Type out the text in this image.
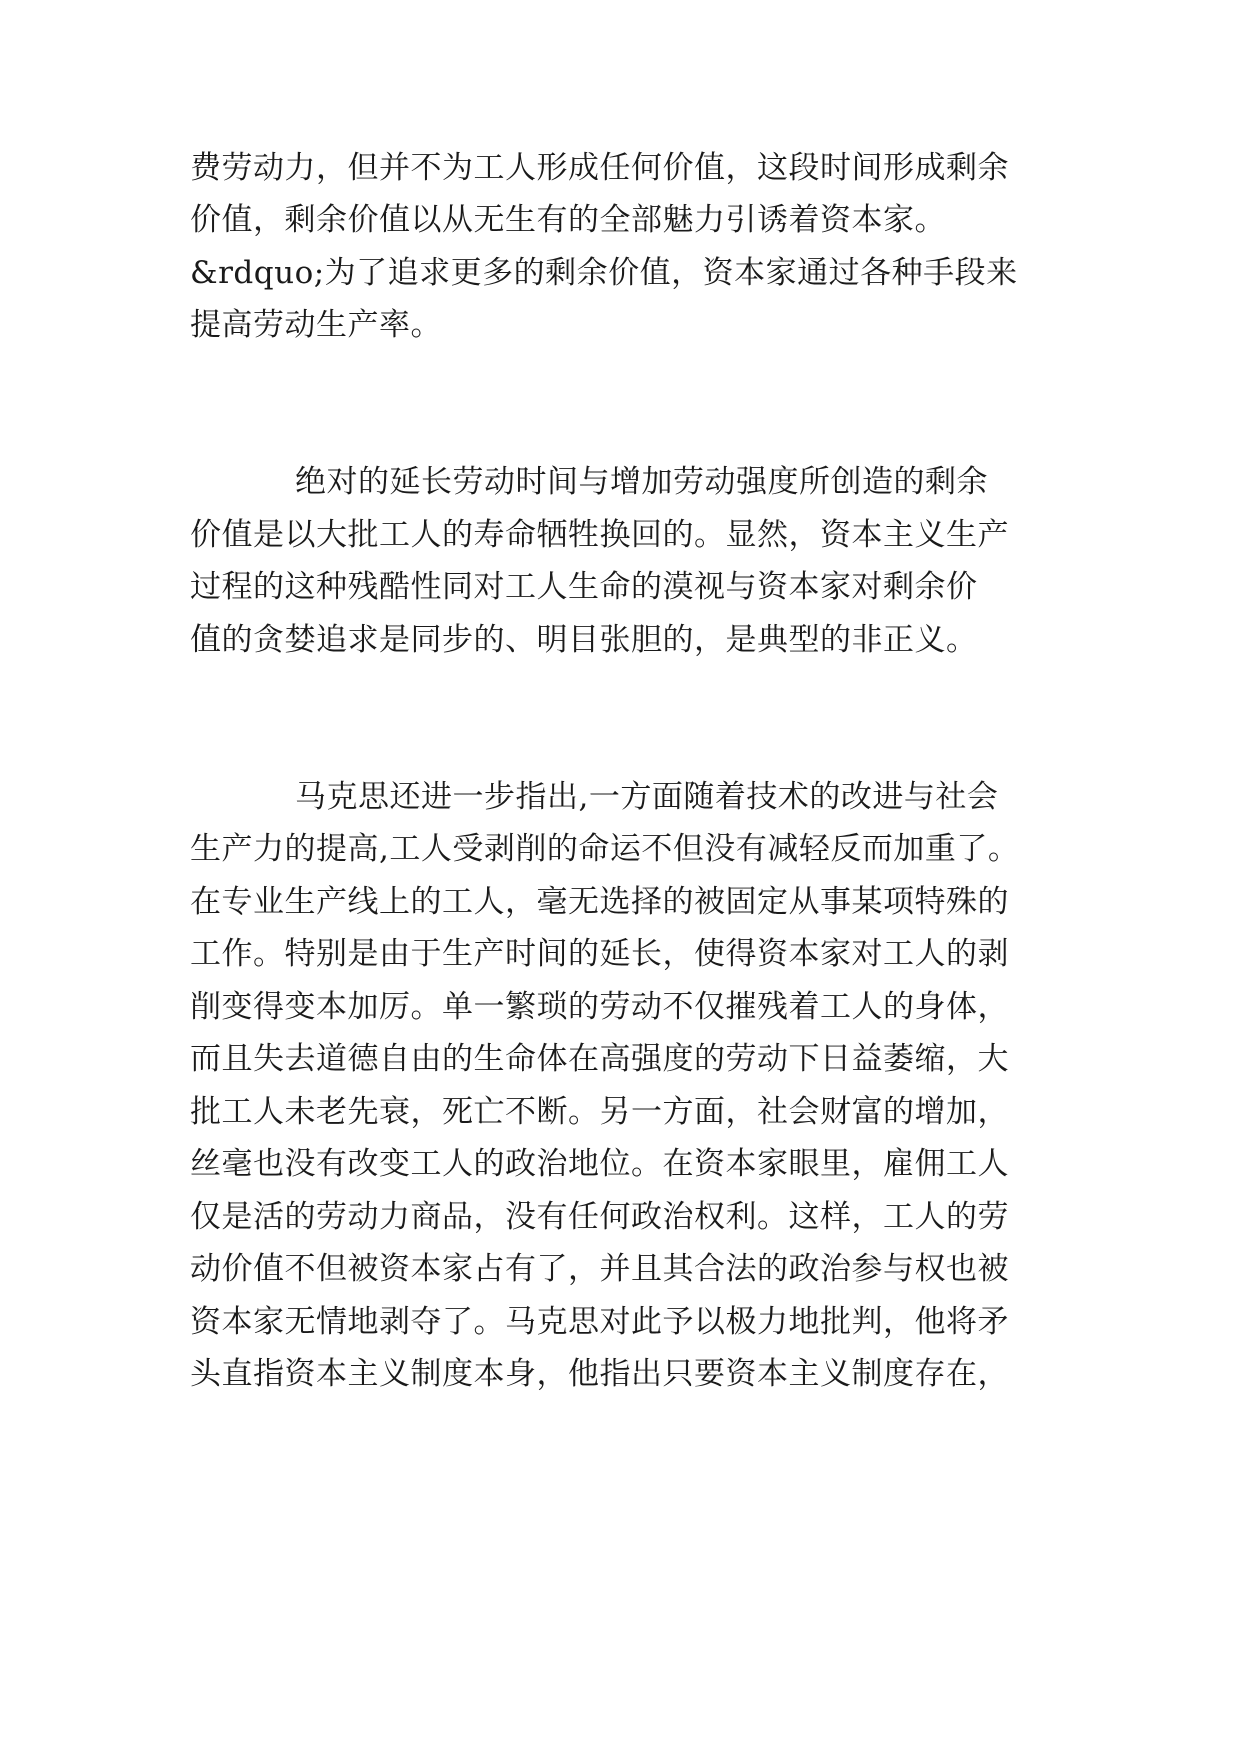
费劳动力，但并不为工人形成任何价值，这段时间形成剩余

价值，剩余价值以从无生有的全部魅力引诱着资本家。

&rdquo;为了追求更多的剩余价值，资本家通过各种手段来

提高劳动生产率。

绝对的延长劳动时间与增加劳动强度所创造的剩余

价值是以大批工人的寿命牺牲换回的。显然，资本主义生产

过程的这种残酷性同对工人生命的漠视与资本家对剩余价

值的贪婪追求是同步的、明目张胆的，是典型的非正义。

马克思还进一步指出,一方面随着技术的改进与社会

生产力的提高,工人受剥削的命运不但没有减轻反而加重了。

在专业生产线上的工人，毫无选择的被固定从事某项特殊的

工作。特别是由于生产时间的延长，使得资本家对工人的剥

削变得变本加厉。单一繁琐的劳动不仅摧残着工人的身体，

而且失去道德自由的生命体在高强度的劳动下日益萎缩，大

批工人未老先衰，死亡不断。另一方面，社会财富的增加，

丝毫也没有改变工人的政治地位。在资本家眼里，雇佣工人

仅是活的劳动力商品，没有任何政治权利。这样，工人的劳

动价值不但被资本家占有了，并且其合法的政治参与权也被

资本家无情地剥夺了。马克思对此予以极力地批判，他将矛

头直指资本主义制度本身，他指出只要资本主义制度存在，
